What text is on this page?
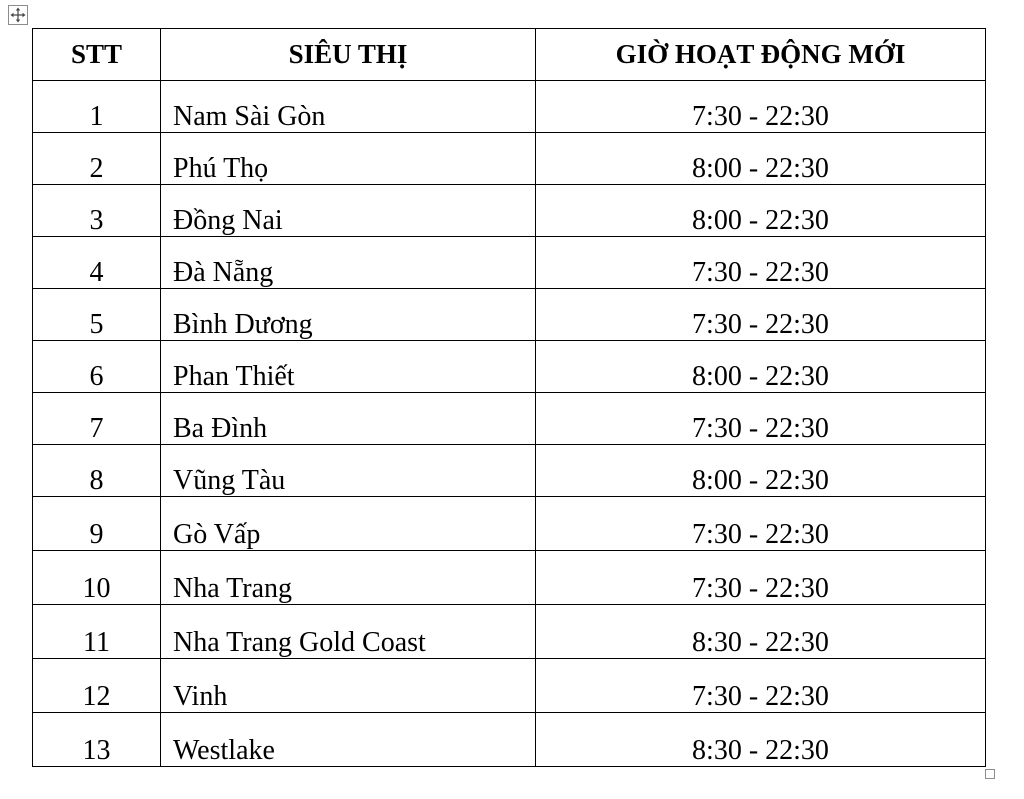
STT	SIÊU THỊ	GIỜ HOẠT ĐỘNG MỚI
1	Nam Sài Gòn	7:30 - 22:30
2	Phú Thọ	8:00 - 22:30
3	Đồng Nai	8:00 - 22:30
4	Đà Nẵng	7:30 - 22:30
5	Bình Dương	7:30 - 22:30
6	Phan Thiết	8:00 - 22:30
7	Ba Đình	7:30 - 22:30
8	Vũng Tàu	8:00 - 22:30
9	Gò Vấp	7:30 - 22:30
10	Nha Trang	7:30 - 22:30
11	Nha Trang Gold Coast	8:30 - 22:30
12	Vinh	7:30 - 22:30
13	Westlake	8:30 - 22:30
